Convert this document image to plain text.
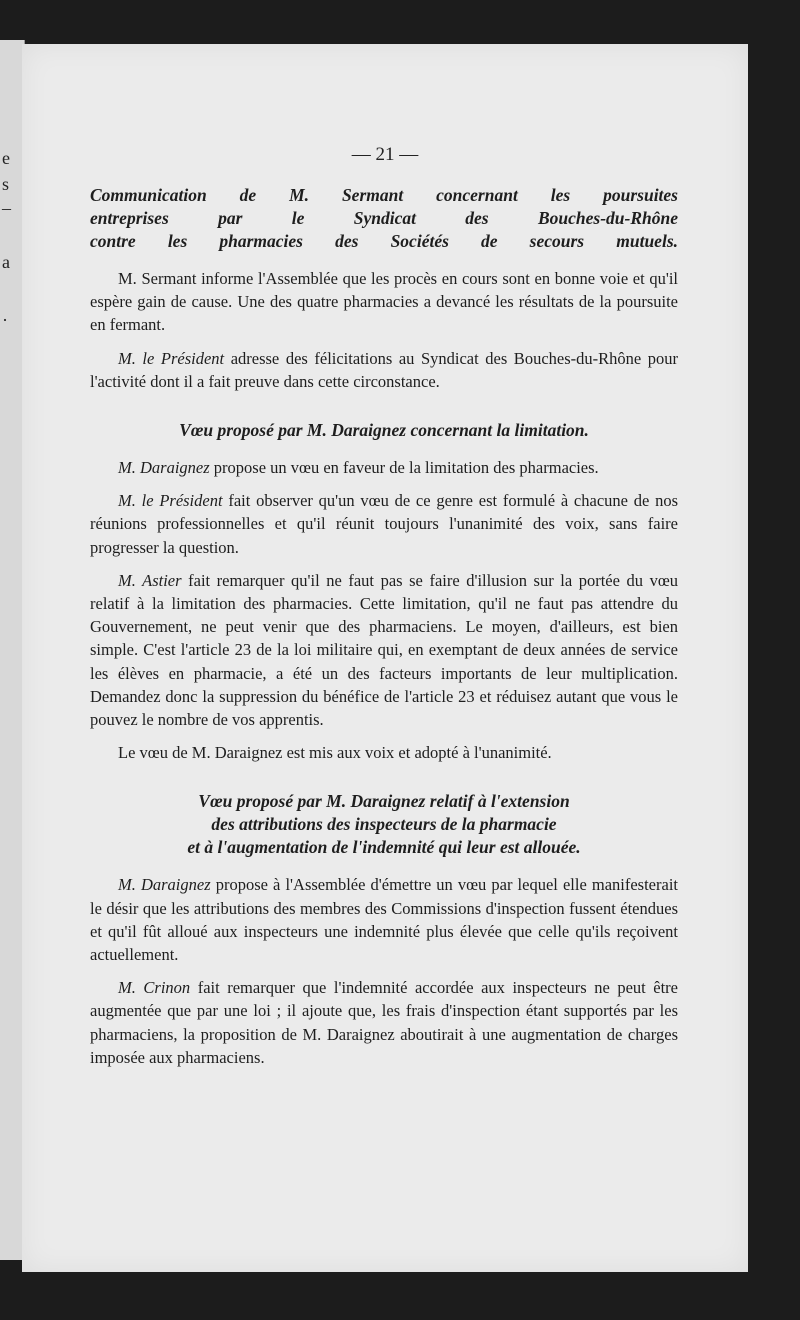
e
s
–
a
·
— 21 —
Communication de M. Sermant concernant les poursuites
entreprises par le Syndicat des Bouches-du-Rhône
contre les pharmacies des Sociétés de secours mutuels.

M. Sermant informe l'Assemblée que les procès en cours sont en bonne voie et qu'il espère gain de cause. Une des quatre pharmacies a devancé les résultats de la poursuite en fermant.

M. le Président adresse des félicitations au Syndicat des Bouches-du-Rhône pour l'activité dont il a fait preuve dans cette circonstance.

Vœu proposé par M. Daraignez concernant la limitation.

M. Daraignez propose un vœu en faveur de la limitation des pharmacies.

M. le Président fait observer qu'un vœu de ce genre est formulé à chacune de nos réunions professionnelles et qu'il réunit toujours l'unanimité des voix, sans faire progresser la question.

M. Astier fait remarquer qu'il ne faut pas se faire d'illusion sur la portée du vœu relatif à la limitation des pharmacies. Cette limitation, qu'il ne faut pas attendre du Gouvernement, ne peut venir que des pharmaciens. Le moyen, d'ailleurs, est bien simple. C'est l'article 23 de la loi militaire qui, en exemptant de deux années de service les élèves en pharmacie, a été un des facteurs importants de leur multiplication. Demandez donc la suppression du bénéfice de l'article 23 et réduisez autant que vous le pouvez le nombre de vos apprentis.

Le vœu de M. Daraignez est mis aux voix et adopté à l'unanimité.

Vœu proposé par M. Daraignez relatif à l'extension
des attributions des inspecteurs de la pharmacie
et à l'augmentation de l'indemnité qui leur est allouée.

M. Daraignez propose à l'Assemblée d'émettre un vœu par lequel elle manifesterait le désir que les attributions des membres des Commissions d'inspection fussent étendues et qu'il fût alloué aux inspecteurs une indemnité plus élevée que celle qu'ils reçoivent actuellement.

M. Crinon fait remarquer que l'indemnité accordée aux inspecteurs ne peut être augmentée que par une loi ; il ajoute que, les frais d'inspection étant supportés par les pharmaciens, la proposition de M. Daraignez aboutirait à une augmentation de charges imposée aux pharmaciens.
